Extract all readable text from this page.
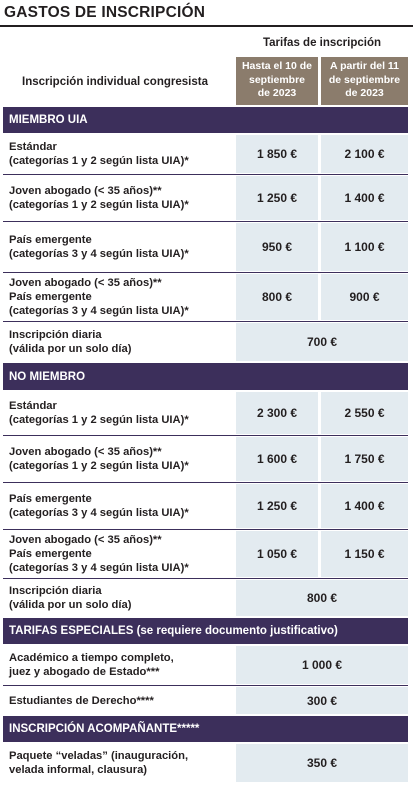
GASTOS DE INSCRIPCIÓN
Tarifas de inscripción
Inscripción individual congresista
Hasta el 10 de
septiembre
de 2023
A partir del 11
de septiembre
de 2023
MIEMBRO UIA
Estándar
(categorías 1 y 2 según lista UIA)*	1 850 €	2 100 €
Joven abogado (< 35 años)**
(categorías 1 y 2 según lista UIA)*	1 250 €	1 400 €
País emergente
(categorías 3 y 4 según lista UIA)*	950 €	1 100 €
Joven abogado (< 35 años)**
País emergente
(categorías 3 y 4 según lista UIA)*
800 €	900 €
Inscripción diaria
(válida por un solo día)	700 €
NO MIEMBRO
Estándar
(categorías 1 y 2 según lista UIA)*	2 300 €	2 550 €
Joven abogado (< 35 años)**
(categorías 1 y 2 según lista UIA)*	1 600 €	1 750 €
País emergente
(categorías 3 y 4 según lista UIA)*	1 250 €	1 400 €
Joven abogado (< 35 años)**
País emergente
(categorías 3 y 4 según lista UIA)*
1 050 €	1 150 €
Inscripción diaria
(válida por un solo día)	800 €
TARIFAS ESPECIALES (se requiere documento justificativo)
Académico a tiempo completo,
juez y abogado de Estado***	1 000 €
Estudiantes de Derecho****	300 €
INSCRIPCIÓN ACOMPAÑANTE*****
Paquete “veladas” (inauguración,
velada informal, clausura)	350 €
